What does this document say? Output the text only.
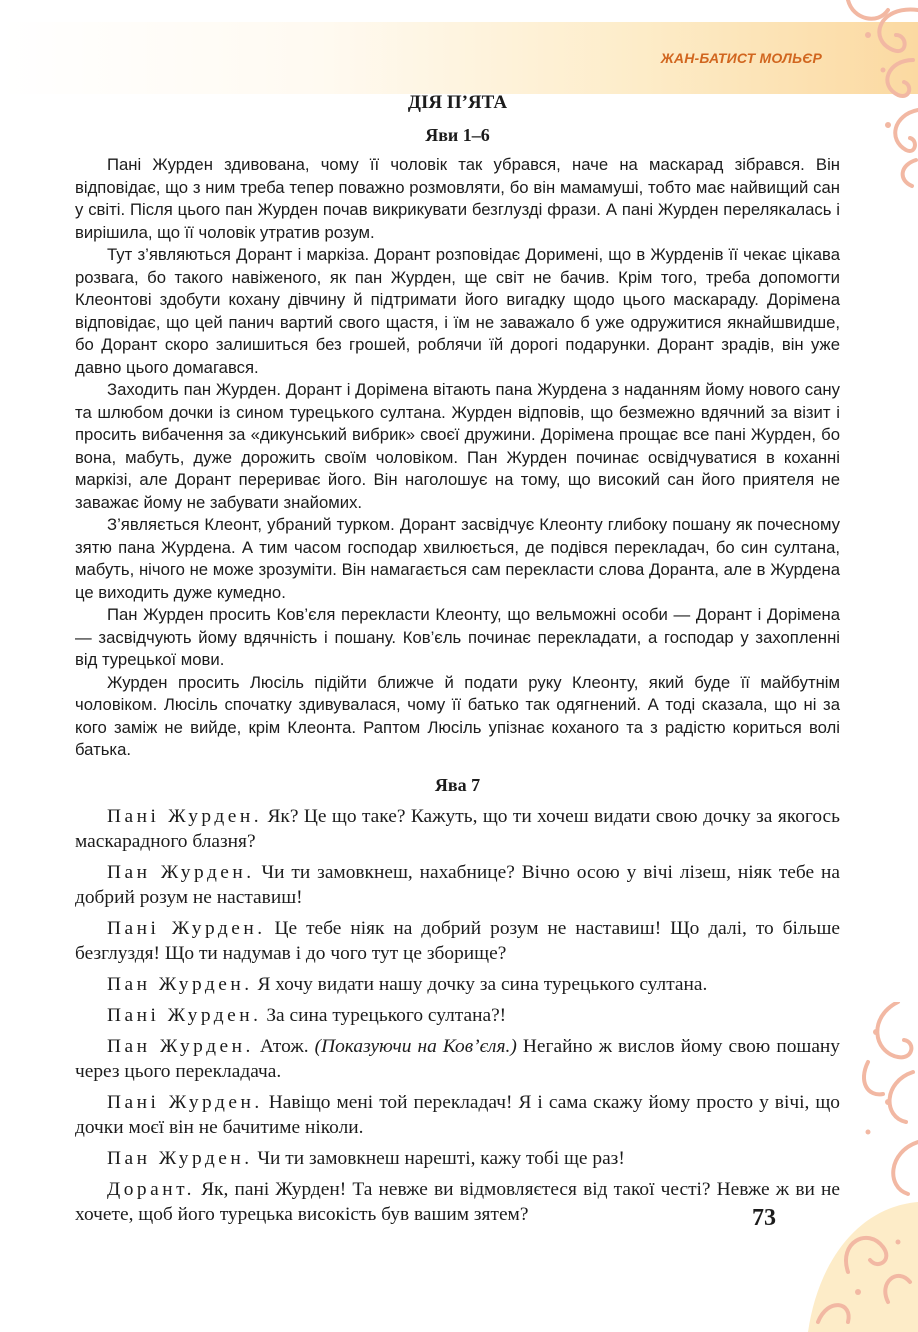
ЖАН-БАТИСТ МОЛЬЄР
ДІЯ П’ЯТА
Яви 1–6

Пані Журден здивована, чому її чоловік так убрався, наче на маскарад зібрався. Він відповідає, що з ним треба тепер поважно розмовляти, бо він мамамуші, тобто має найвищий сан у світі. Після цього пан Журден почав викрикувати безглузді фрази. А пані Журден перелякалась і вирішила, що її чоловік утратив розум.

Тут з’являються Дорант і маркіза. Дорант розповідає Доримені, що в Журденів її чекає цікава розвага, бо такого навіженого, як пан Журден, ще світ не бачив. Крім того, треба допомогти Клеонтові здобути кохану дівчину й підтримати його вигадку щодо цього маскараду. Дорімена відповідає, що цей панич вартий свого щастя, і їм не заважало б уже одружитися якнайшвидше, бо Дорант скоро залишиться без грошей, роблячи їй дорогі подарунки. Дорант зрадів, він уже давно цього домагався.

Заходить пан Журден. Дорант і Дорімена вітають пана Журдена з наданням йому нового сану та шлюбом дочки із сином турецького султана. Журден відповів, що безмежно вдячний за візит і просить вибачення за «дикунський вибрик» своєї дружини. Дорімена прощає все пані Журден, бо вона, мабуть, дуже дорожить своїм чоловіком. Пан Журден починає освідчуватися в коханні маркізі, але Дорант перериває його. Він наголошує на тому, що високий сан його приятеля не заважає йому не забувати знайомих.

З’являється Клеонт, убраний турком. Дорант засвідчує Клеонту глибоку пошану як почесному зятю пана Журдена. А тим часом господар хвилюється, де подівся перекладач, бо син султана, мабуть, нічого не може зрозуміти. Він намагається сам перекласти слова Доранта, але в Журдена це виходить дуже кумедно.

Пан Журден просить Ков’єля перекласти Клеонту, що вельможні особи — Дорант і Дорімена — засвідчують йому вдячність і пошану. Ков’єль починає перекладати, а господар у захопленні від турецької мови.

Журден просить Люсіль підійти ближче й подати руку Клеонту, який буде її майбутнім чоловіком. Люсіль спочатку здивувалася, чому її батько так одягнений. А тоді сказала, що ні за кого заміж не вийде, крім Клеонта. Раптом Люсіль упізнає коханого та з радістю кориться волі батька.

Ява 7

Пані Журден. Як? Це що таке? Кажуть, що ти хочеш видати свою дочку за якогось маскарадного блазня?

Пан Журден. Чи ти замовкнеш, нахабнице? Вічно осою у вічі лізеш, ніяк тебе на добрий розум не наставиш!

Пані Журден. Це тебе ніяк на добрий розум не наставиш! Що далі, то більше безглуздя! Що ти надумав і до чого тут це зборище?

Пан Журден. Я хочу видати нашу дочку за сина турецького султана.

Пані Журден. За сина турецького султана?!

Пан Журден. Атож. (Показуючи на Ков’єля.) Негайно ж вислов йому свою пошану через цього перекладача.

Пані Журден. Навіщо мені той перекладач! Я і сама скажу йому просто у вічі, що дочки моєї він не бачитиме ніколи.

Пан Журден. Чи ти замовкнеш нарешті, кажу тобі ще раз!

Дорант. Як, пані Журден! Та невже ви відмовляєтеся від такої честі? Невже ж ви не хочете, щоб його турецька високість був вашим зятем?	73
